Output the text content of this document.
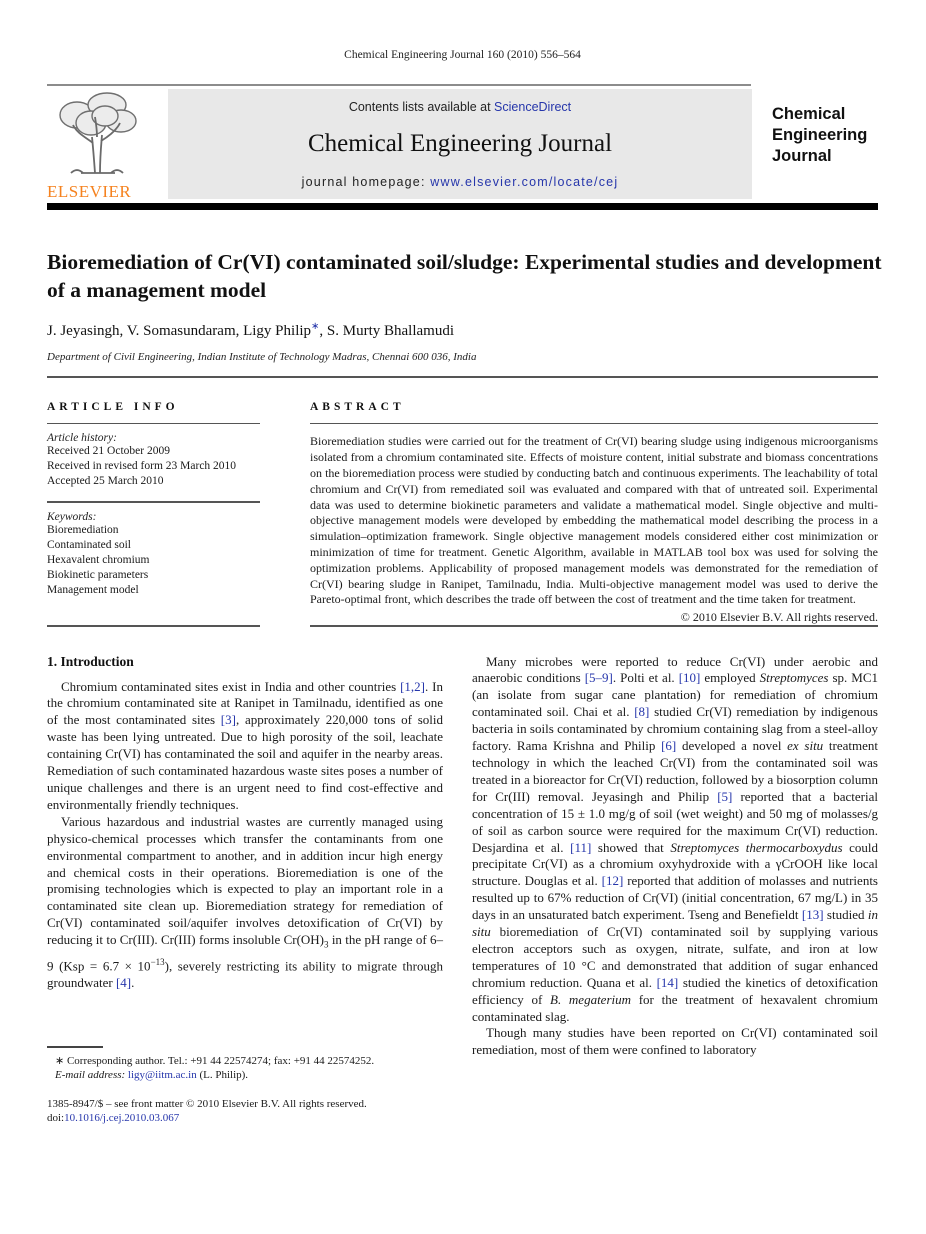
Chemical Engineering Journal 160 (2010) 556–564
ELSEVIER
Contents lists available at ScienceDirect
Chemical Engineering Journal
journal homepage: www.elsevier.com/locate/cej
Chemical
Engineering
Journal
Bioremediation of Cr(VI) contaminated soil/sludge: Experimental studies and development of a management model
J. Jeyasingh, V. Somasundaram, Ligy Philip∗, S. Murty Bhallamudi
Department of Civil Engineering, Indian Institute of Technology Madras, Chennai 600 036, India
ARTICLE INFO
Article history:
Received 21 October 2009
Received in revised form 23 March 2010
Accepted 25 March 2010
Keywords:
Bioremediation
Contaminated soil
Hexavalent chromium
Biokinetic parameters
Management model
ABSTRACT
Bioremediation studies were carried out for the treatment of Cr(VI) bearing sludge using indigenous microorganisms isolated from a chromium contaminated site. Effects of moisture content, initial substrate and biomass concentrations on the bioremediation process were studied by conducting batch and continuous experiments. The leachability of total chromium and Cr(VI) from remediated soil was evaluated and compared with that of untreated soil. Experimental data was used to determine biokinetic parameters and validate a mathematical model. Single objective and multi-objective management models were developed by embedding the mathematical model describing the process in a simulation–optimization framework. Single objective management models considered either cost minimization or minimization of time for treatment. Genetic Algorithm, available in MATLAB tool box was used for solving the optimization problems. Applicability of proposed management models was demonstrated for the remediation of Cr(VI) bearing sludge in Ranipet, Tamilnadu, India. Multi-objective management model was used to derive the Pareto-optimal front, which describes the trade off between the cost of treatment and the time taken for treatment.
© 2010 Elsevier B.V. All rights reserved.
1. Introduction

Chromium contaminated sites exist in India and other countries [1,2]. In the chromium contaminated site at Ranipet in Tamilnadu, identified as one of the most contaminated sites [3], approximately 220,000 tons of solid waste has been lying untreated. Due to high porosity of the soil, leachate containing Cr(VI) has contaminated the soil and aquifer in the nearby areas. Remediation of such contaminated hazardous waste sites poses a number of unique challenges and there is an urgent need to find cost-effective and environmentally friendly techniques.

Various hazardous and industrial wastes are currently managed using physico-chemical processes which transfer the contaminants from one environmental compartment to another, and in addition incur high energy and chemical costs in their operations. Bioremediation is one of the promising technologies which is expected to play an important role in a contaminated site clean up. Bioremediation strategy for remediation of Cr(VI) contaminated soil/aquifer involves detoxification of Cr(VI) by reducing it to Cr(III). Cr(III) forms insoluble $Cr(OH)_3$ in the pH range of 6–9 $(Ksp = 6.7 \times 10^{-13})$, severely restricting its ability to migrate through groundwater [4].

∗ Corresponding author. Tel.: +91 44 22574274; fax: +91 44 22574252.
E-mail address: ligy@iitm.ac.in (L. Philip).
1385-8947/$ – see front matter © 2010 Elsevier B.V. All rights reserved.
doi:10.1016/j.cej.2010.03.067

Many microbes were reported to reduce Cr(VI) under aerobic and anaerobic conditions [5–9]. Polti et al. [10] employed Streptomyces sp. MC1 (an isolate from sugar cane plantation) for remediation of chromium contaminated soil. Chai et al. [8] studied Cr(VI) remediation by indigenous bacteria in soils contaminated by chromium containing slag from a steel-alloy factory. Rama Krishna and Philip [6] developed a novel ex situ treatment technology in which the leached Cr(VI) from the contaminated soil was treated in a bioreactor for Cr(VI) reduction, followed by a biosorption column for Cr(III) removal. Jeyasingh and Philip [5] reported that a bacterial concentration of 15 ± 1.0 mg/g of soil (wet weight) and 50 mg of molasses/g of soil as carbon source were required for the maximum Cr(VI) reduction. Desjardina et al. [11] showed that Streptomyces thermocarboxydus could precipitate Cr(VI) as a chromium oxyhydroxide with a γCrOOH like local structure. Douglas et al. [12] reported that addition of molasses and nutrients resulted up to 67% reduction of Cr(VI) (initial concentration, 67 mg/L) in 35 days in an unsaturated batch experiment. Tseng and Benefieldt [13] studied in situ bioremediation of Cr(VI) contaminated soil by supplying various electron acceptors such as oxygen, nitrate, sulfate, and iron at low temperatures of 10 °C and demonstrated that addition of sugar enhanced chromium reduction. Quana et al. [14] studied the kinetics of detoxification efficiency of B. megaterium for the treatment of hexavalent chromium contaminated slag.

Though many studies have been reported on Cr(VI) contaminated soil remediation, most of them were confined to laboratory
